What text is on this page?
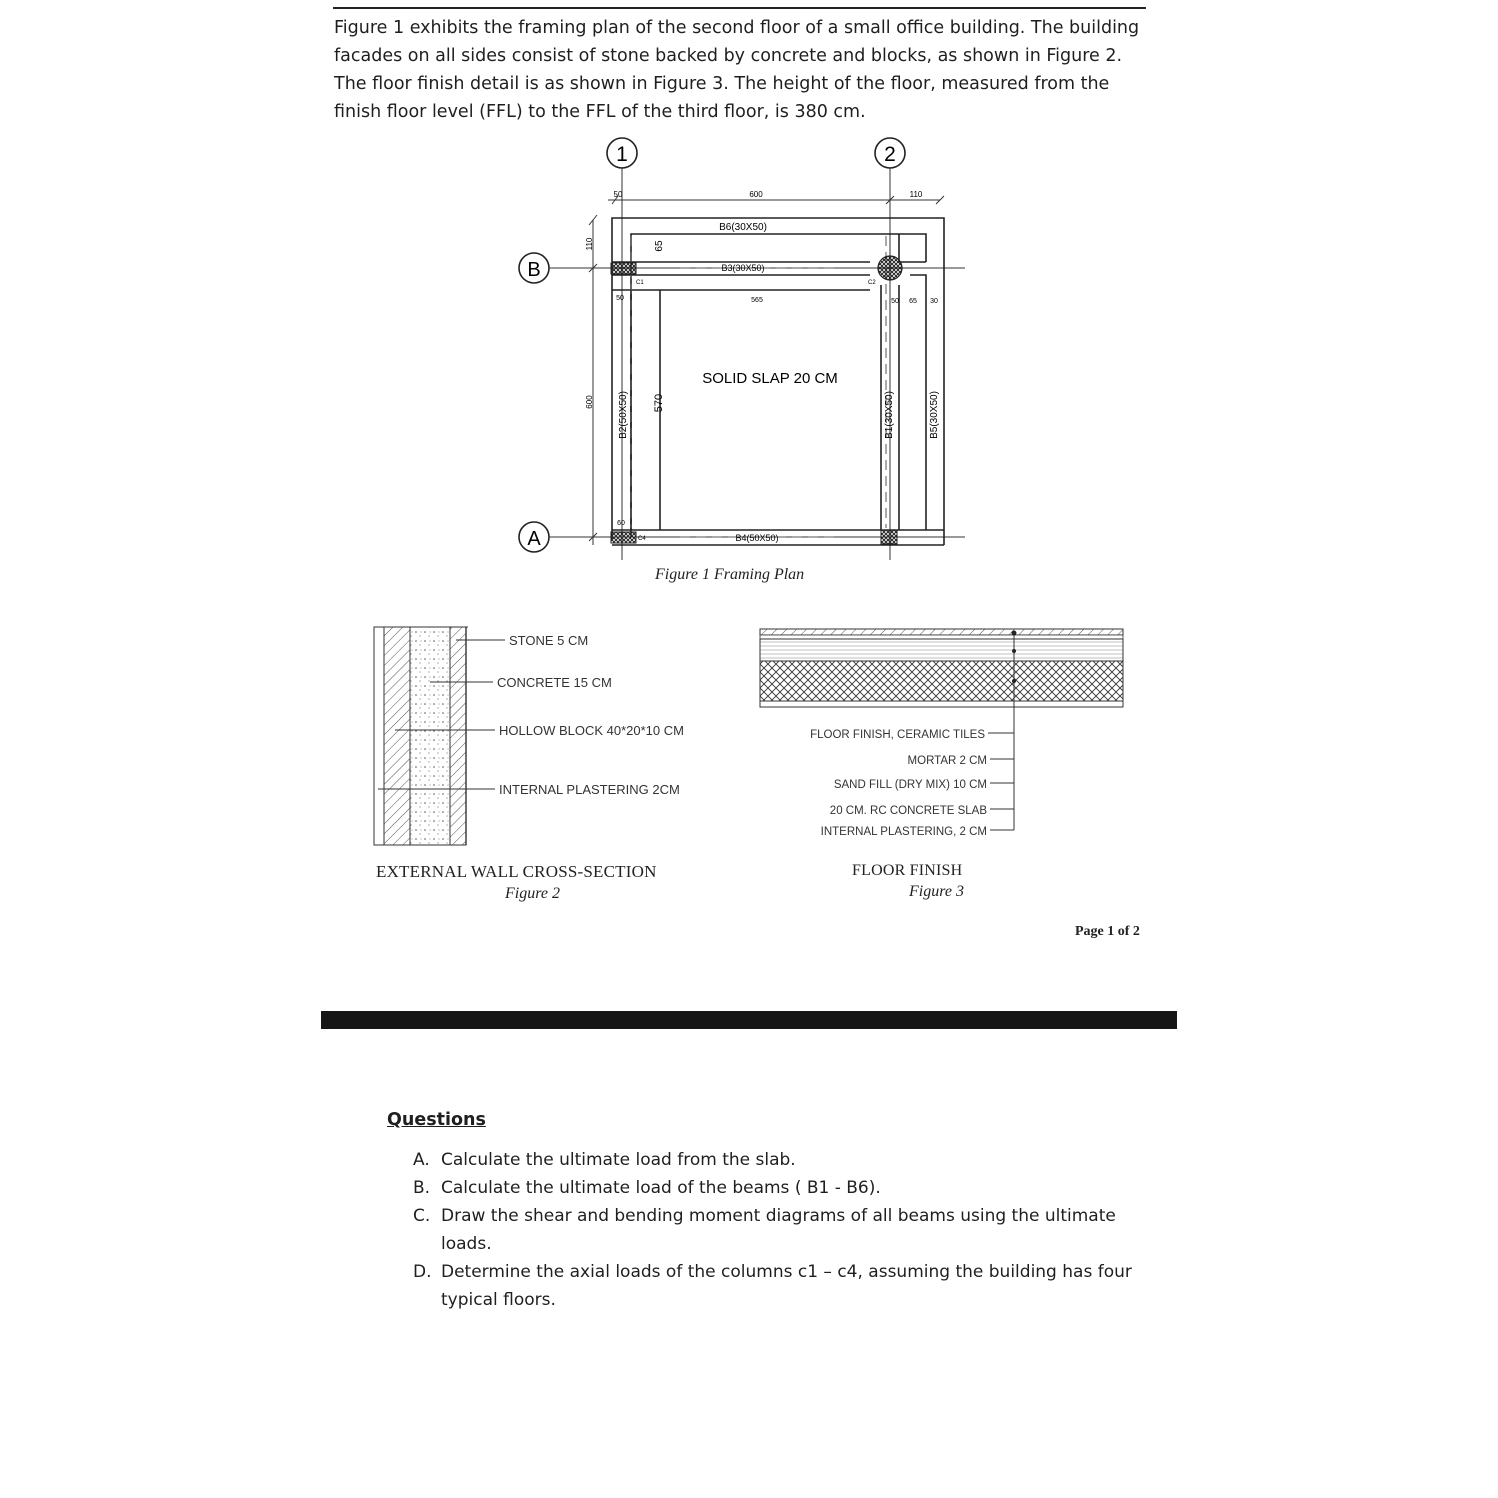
Figure 1 exhibits the framing plan of the second floor of a small office building. The building facades on all sides consist of stone backed by concrete and blocks, as shown in Figure 2. The floor finish detail is as shown in Figure 3. The height of the floor, measured from the finish floor level (FFL) to the FFL of the third floor, is 380 cm.

1	2
B
A
50	600	110
110
600
C1	C2
C4
B6(30X50)
B3(30X50)
B4(50X50)
B2(50X50)	B1(30X50)	B5(30X50)
565
570
65
65 30
50	50
60
SOLID SLAP 20 CM
STONE 5 CM
CONCRETE 15 CM
HOLLOW BLOCK 40*20*10 CM
INTERNAL PLASTERING 2CM
FLOOR FINISH, CERAMIC TILES
MORTAR 2 CM
SAND FILL (DRY MIX) 10 CM
20 CM. RC CONCRETE SLAB
INTERNAL PLASTERING, 2 CM
Figure 1 Framing Plan
EXTERNAL WALL CROSS-SECTION
Figure 2
FLOOR FINISH
Figure 3
Page 1 of 2
Questions
A. Calculate the ultimate load from the slab.
B. Calculate the ultimate load of the beams ( B1 - B6).
C. Draw the shear and bending moment diagrams of all beams using the ultimate loads.
D. Determine the axial loads of the columns c1 – c4, assuming the building has four typical floors.
